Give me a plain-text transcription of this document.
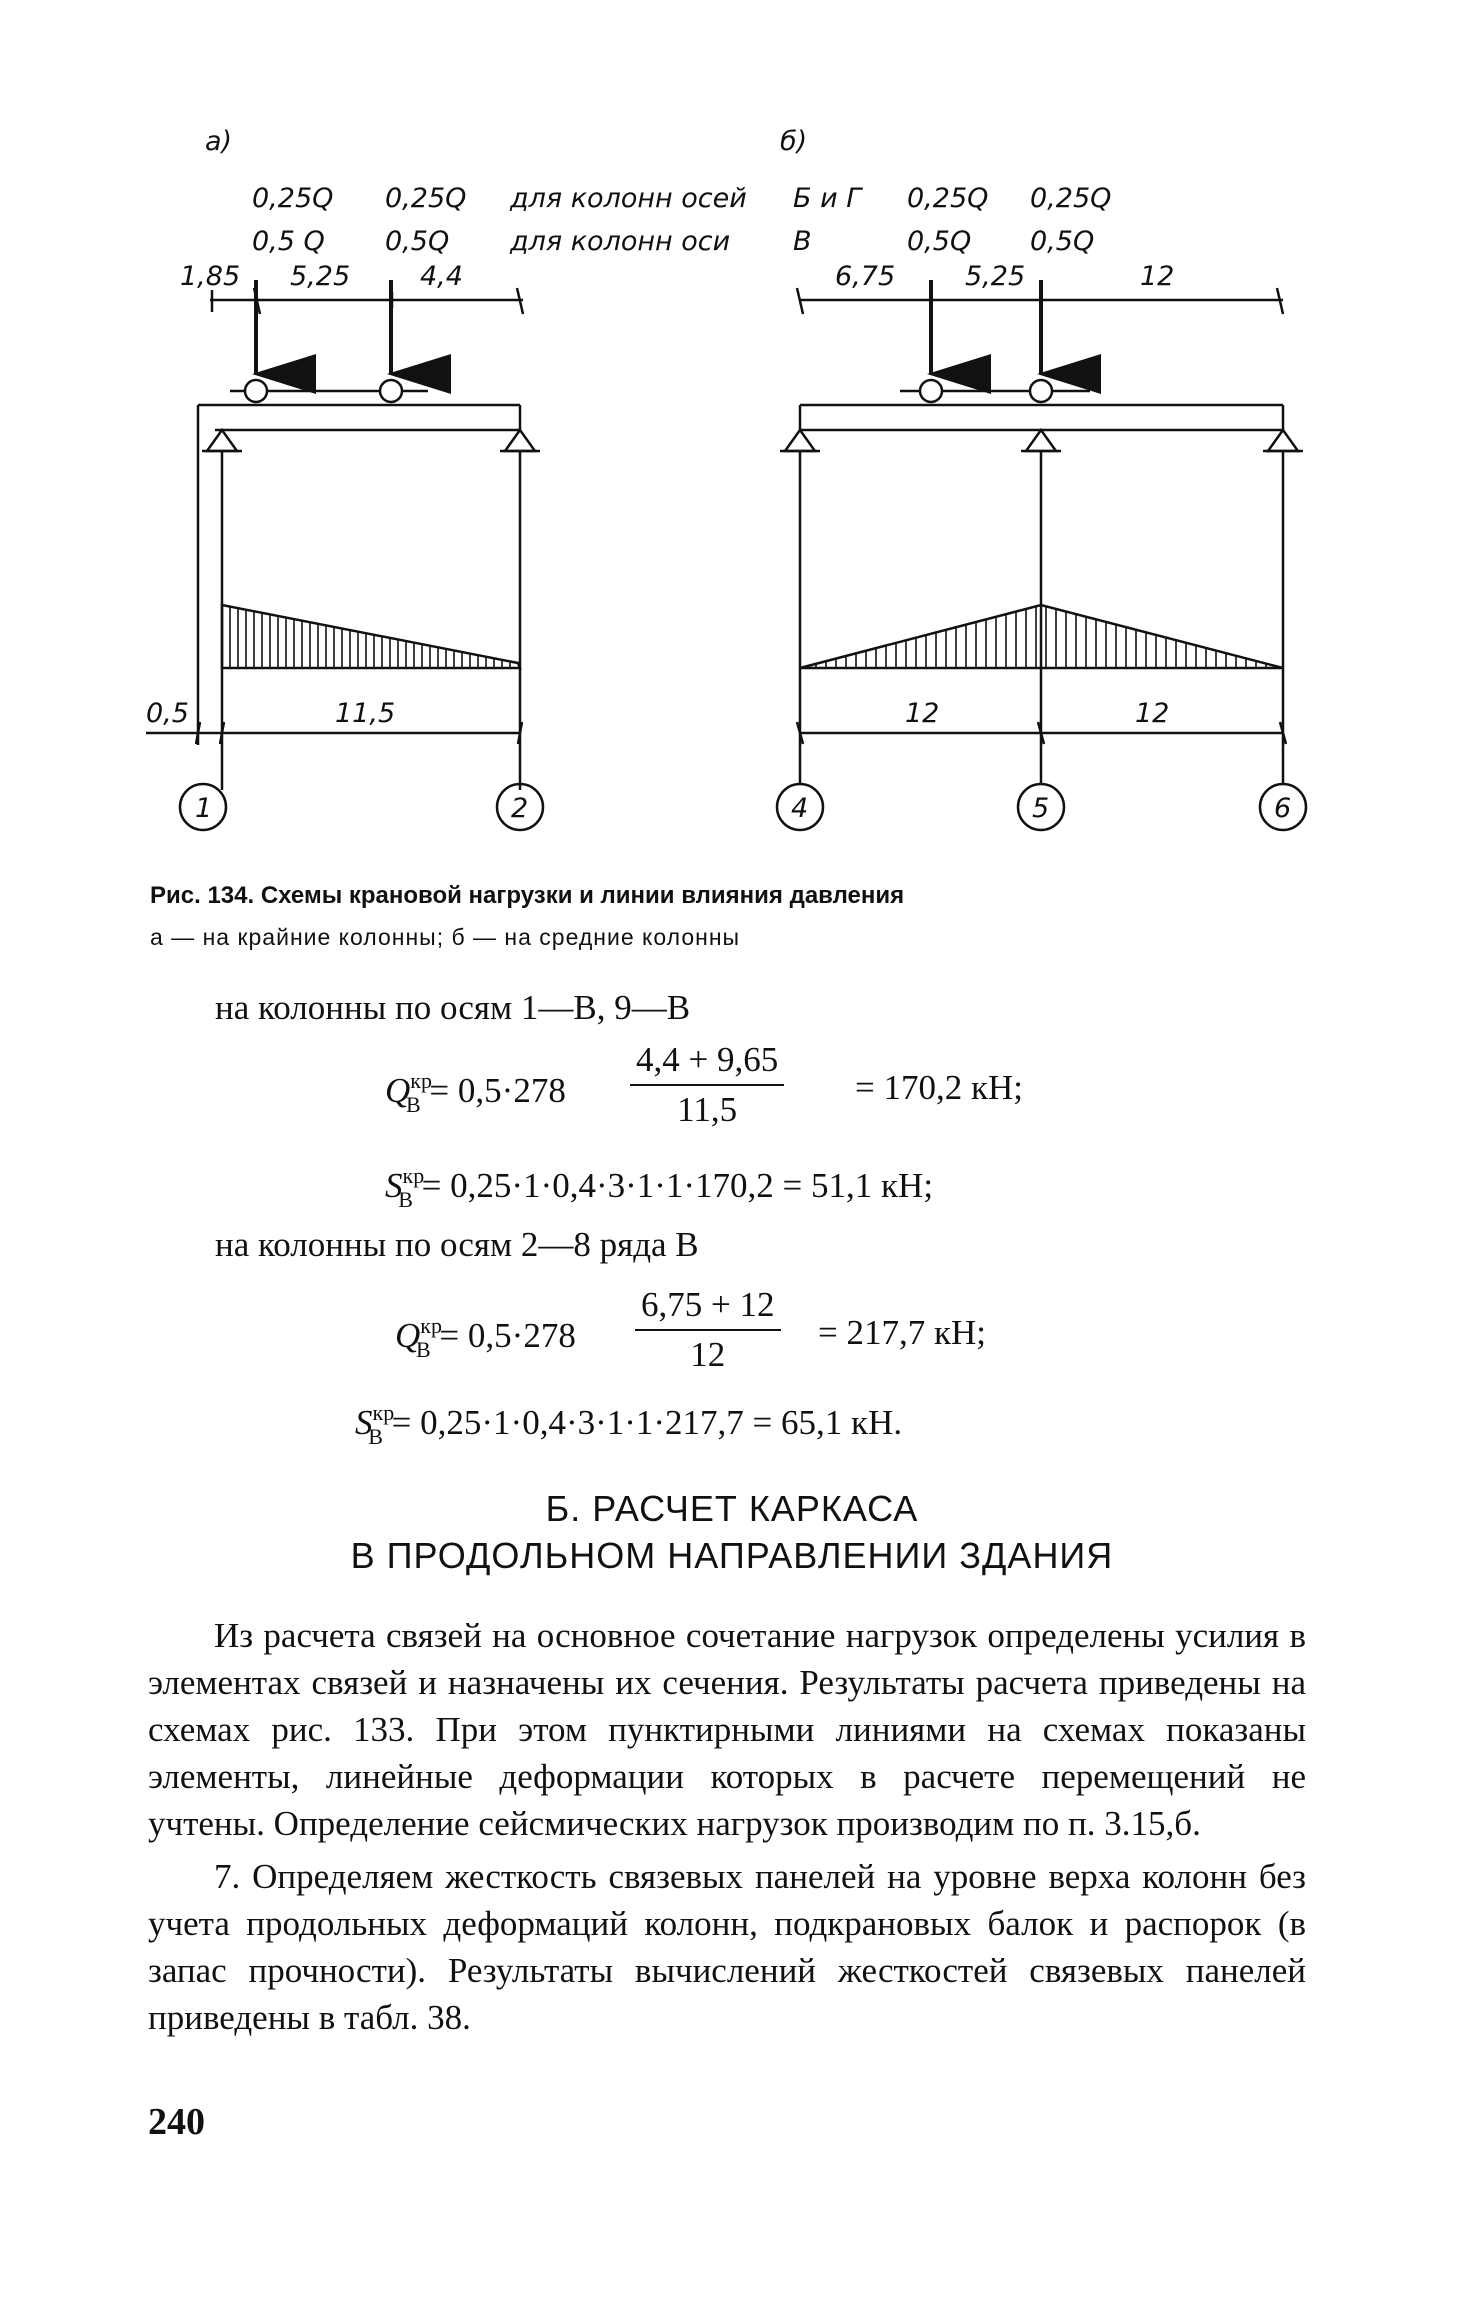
а)	б)
0,25Q 0,25Q
0,5 Q 0,5Q
для колонн осей
для колонн оси
Б и Г
В
0,25Q 0,25Q
0,5Q 0,5Q
1,85 5,25	4,4
0,5	11,5
1	2
6,75	5,25	12
12	12
4	5	6
Рис. 134. Схемы крановой нагрузки и линии влияния давления
а — на крайние колонны; б — на средние колонны
на колонны по осям 1—В, 9—В
$Q^{кр}_В = 0,5\cdot 278 \frac{4,4 + 9,65}{11,5} = 170,2$ кН;
$S^{кр}_В = 0,25\cdot 1\cdot 0,4\cdot 3\cdot 1\cdot 1\cdot 170,2 = 51,1$ кН;
на колонны по осям 2—8 ряда В
$Q^{кр}_В = 0,5\cdot 278 \frac{6,75 + 12}{12} = 217,7$ кН;
$S^{кр}_В = 0,25\cdot 1\cdot 0,4\cdot 3\cdot 1\cdot 1\cdot 217,7 = 65,1$ кН.
Б. РАСЧЕТ КАРКАСА
В ПРОДОЛЬНОМ НАПРАВЛЕНИИ ЗДАНИЯ

Из расчета связей на основное сочетание нагрузок определены усилия в элементах связей и назначены их сечения. Результаты расчета приведены на схемах рис. 133. При этом пунктирными линиями на схемах показаны элементы, линейные деформации которых в расчете перемещений не учтены. Определение сейсмических нагрузок производим по п. 3.15,б.

7. Определяем жесткость связевых панелей на уровне верха колонн без учета продольных деформаций колонн, подкрановых балок и распорок (в запас прочности). Результаты вычислений жесткостей связевых панелей приведены в табл. 38.

240
